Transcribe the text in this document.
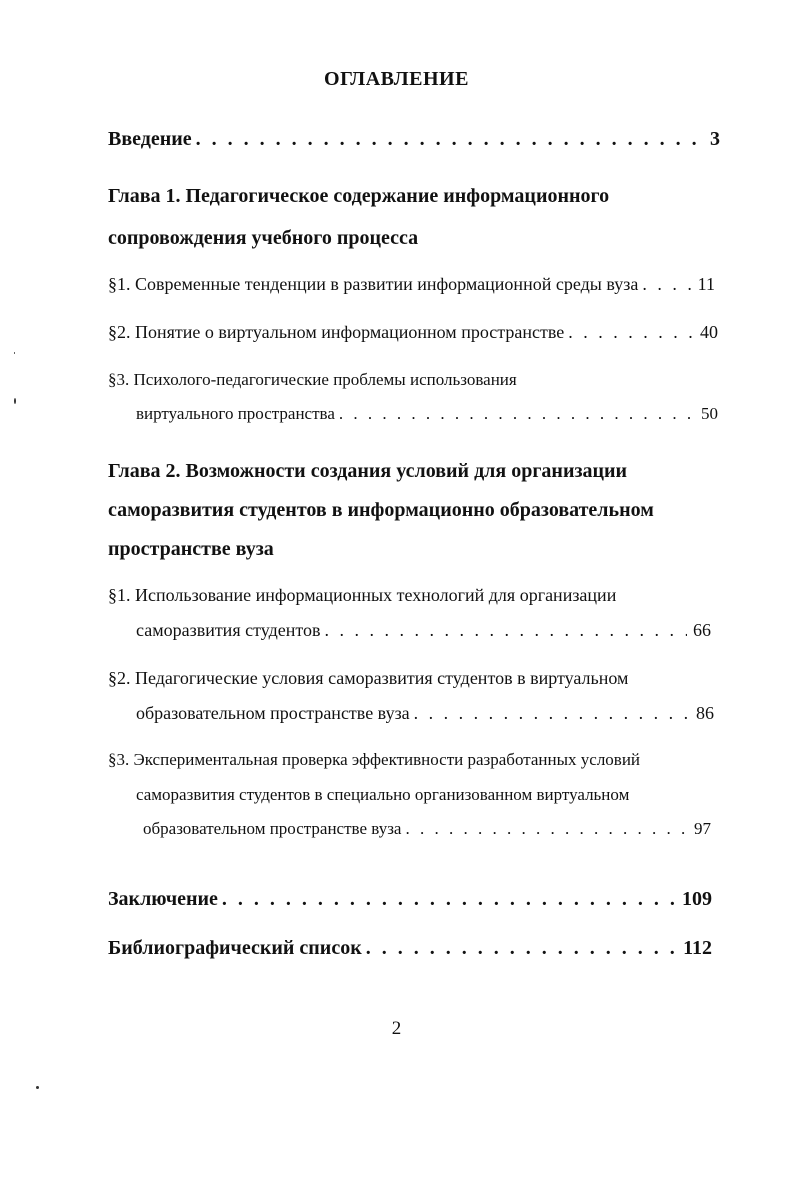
ОГЛАВЛЕНИЕ
Введение . . .	3
Глава 1. Педагогическое содержание информационного
сопровождения учебного процесса
§1. Современные тенденции в развитии информационной среды вуза . . .	11
§2. Понятие о виртуальном информационном пространстве . . .	40
§3. Психолого-педагогические проблемы использования
виртуального пространства . . .	50
Глава 2. Возможности создания условий для организации
саморазвития студентов в информационно образовательном
пространстве вуза
§1. Использование информационных технологий для организации
саморазвития студентов . . .	66
§2. Педагогические условия саморазвития студентов в виртуальном
образовательном пространстве вуза . . .	86
§3. Экспериментальная проверка эффективности разработанных условий
саморазвития студентов в специально организованном виртуальном
образовательном пространстве вуза . . .	97
Заключение . . .	109
Библиографический список . . .	112
2
